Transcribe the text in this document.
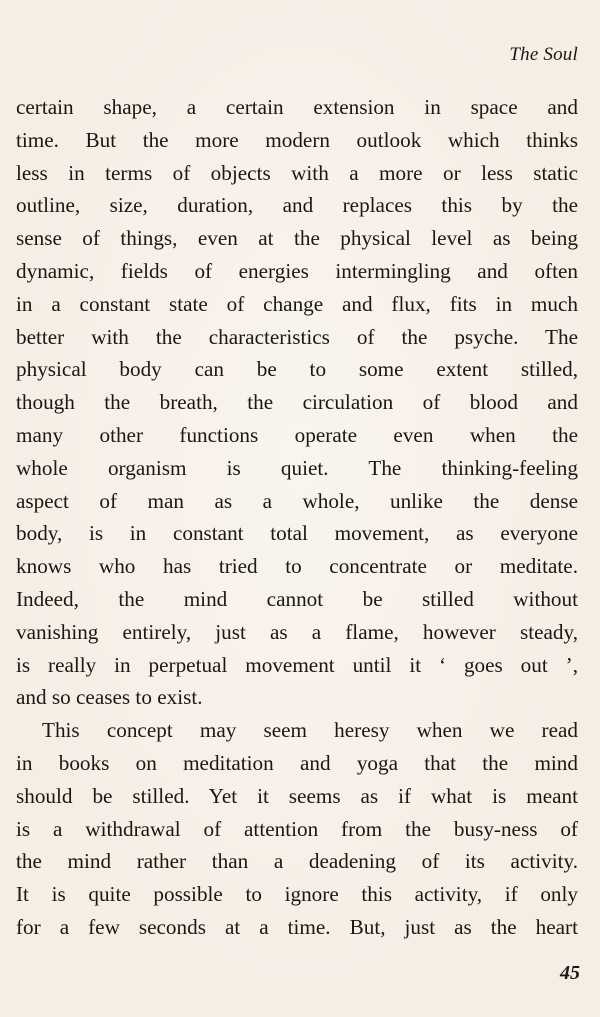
The Soul
certain shape, a certain extension in space and
time. But the more modern outlook which thinks
less in terms of objects with a more or less static
outline, size, duration, and replaces this by the
sense of things, even at the physical level as being
dynamic, fields of energies intermingling and often
in a constant state of change and flux, fits in much
better with the characteristics of the psyche. The
physical body can be to some extent stilled,
though the breath, the circulation of blood and
many other functions operate even when the
whole organism is quiet. The thinking-feeling
aspect of man as a whole, unlike the dense
body, is in constant total movement, as everyone
knows who has tried to concentrate or meditate.
Indeed, the mind cannot be stilled without
vanishing entirely, just as a flame, however steady,
is really in perpetual movement until it ‘ goes out ’,
and so ceases to exist.
This concept may seem heresy when we read
in books on meditation and yoga that the mind
should be stilled. Yet it seems as if what is meant
is a withdrawal of attention from the busy-ness of
the mind rather than a deadening of its activity.
It is quite possible to ignore this activity, if only
for a few seconds at a time. But, just as the heart
45
